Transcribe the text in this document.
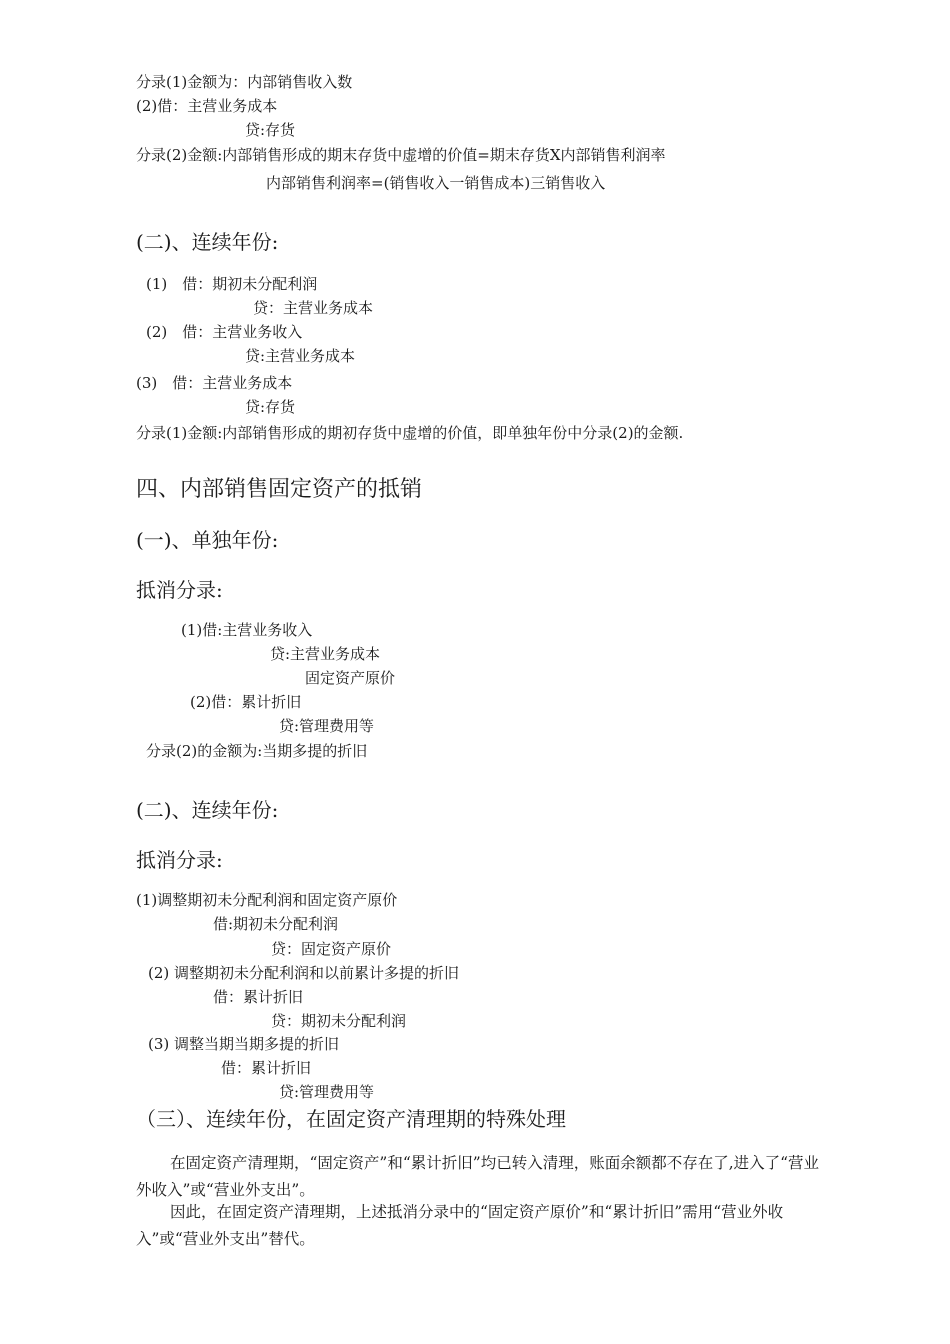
分录(1)金额为：内部销售收入数
(2)借：主营业务成本
贷:存货
分录(2)金额:内部销售形成的期末存货中虚增的价值=期末存货X内部销售利润率
内部销售利润率=(销售收入一销售成本)三销售收入
(二)、连续年份:
(1)　借：期初未分配利润
贷：主营业务成本
(2)　借：主营业务收入
贷:主营业务成本
(3)　借：主营业务成本
贷:存货
分录(1)金额:内部销售形成的期初存货中虚增的价值，即单独年份中分录(2)的金额.
四、内部销售固定资产的抵销
(一)、单独年份:
抵消分录:
(1)借:主营业务收入
贷:主营业务成本
固定资产原价
(2)借：累计折旧
贷:管理费用等
分录(2)的金额为:当期多提的折旧
(二)、连续年份:
抵消分录:
(1)调整期初未分配利润和固定资产原价
借:期初未分配利润
贷：固定资产原价
(2) 调整期初未分配利润和以前累计多提的折旧
借：累计折旧
贷：期初未分配利润
(3) 调整当期当期多提的折旧
借：累计折旧
贷:管理费用等
（三）、连续年份，在固定资产清理期的特殊处理
在固定资产清理期，“固定资产”和“累计折旧”均已转入清理，账面余额都不存在了,进入了“营业外收入”或“营业外支出”。
因此，在固定资产清理期，上述抵消分录中的“固定资产原价”和“累计折旧”需用“营业外收入”或“营业外支出”替代。
